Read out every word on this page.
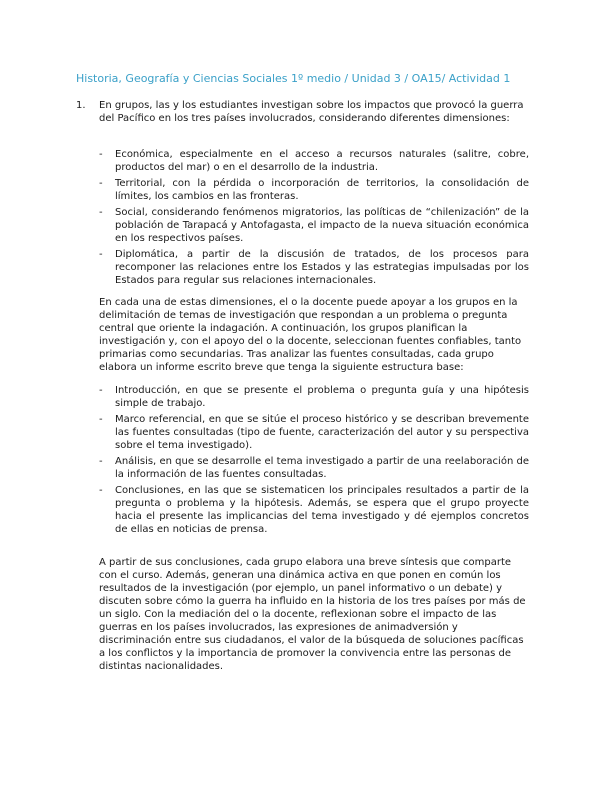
Historia, Geografía y Ciencias Sociales 1º medio / Unidad 3 / OA15/ Actividad 1
1. En grupos, las y los estudiantes investigan sobre los impactos que provocó la guerra del Pacífico en los tres países involucrados, considerando diferentes dimensiones:
- Económica, especialmente en el acceso a recursos naturales (salitre, cobre, productos del mar) o en el desarrollo de la industria.
- Territorial, con la pérdida o incorporación de territorios, la consolidación de límites, los cambios en las fronteras.
- Social, considerando fenómenos migratorios, las políticas de “chilenización” de la población de Tarapacá y Antofagasta, el impacto de la nueva situación económica en los respectivos países.
- Diplomática, a partir de la discusión de tratados, de los procesos para recomponer las relaciones entre los Estados y las estrategias impulsadas por los Estados para regular sus relaciones internacionales.
En cada una de estas dimensiones, el o la docente puede apoyar a los grupos en la delimitación de temas de investigación que respondan a un problema o pregunta central que oriente la indagación. A continuación, los grupos planifican la investigación y, con el apoyo del o la docente, seleccionan fuentes confiables, tanto primarias como secundarias. Tras analizar las fuentes consultadas, cada grupo elabora un informe escrito breve que tenga la siguiente estructura base:
- Introducción, en que se presente el problema o pregunta guía y una hipótesis simple de trabajo.
- Marco referencial, en que se sitúe el proceso histórico y se describan brevemente las fuentes consultadas (tipo de fuente, caracterización del autor y su perspectiva sobre el tema investigado).
- Análisis, en que se desarrolle el tema investigado a partir de una reelaboración de la información de las fuentes consultadas.
- Conclusiones, en las que se sistematicen los principales resultados a partir de la pregunta o problema y la hipótesis. Además, se espera que el grupo proyecte hacia el presente las implicancias del tema investigado y dé ejemplos concretos de ellas en noticias de prensa.
A partir de sus conclusiones, cada grupo elabora una breve síntesis que comparte con el curso. Además, generan una dinámica activa en que ponen en común los resultados de la investigación (por ejemplo, un panel informativo o un debate) y discuten sobre cómo la guerra ha influido en la historia de los tres países por más de un siglo. Con la mediación del o la docente, reflexionan sobre el impacto de las guerras en los países involucrados, las expresiones de animadversión y discriminación entre sus ciudadanos, el valor de la búsqueda de soluciones pacíficas a los conflictos y la importancia de promover la convivencia entre las personas de distintas nacionalidades.
